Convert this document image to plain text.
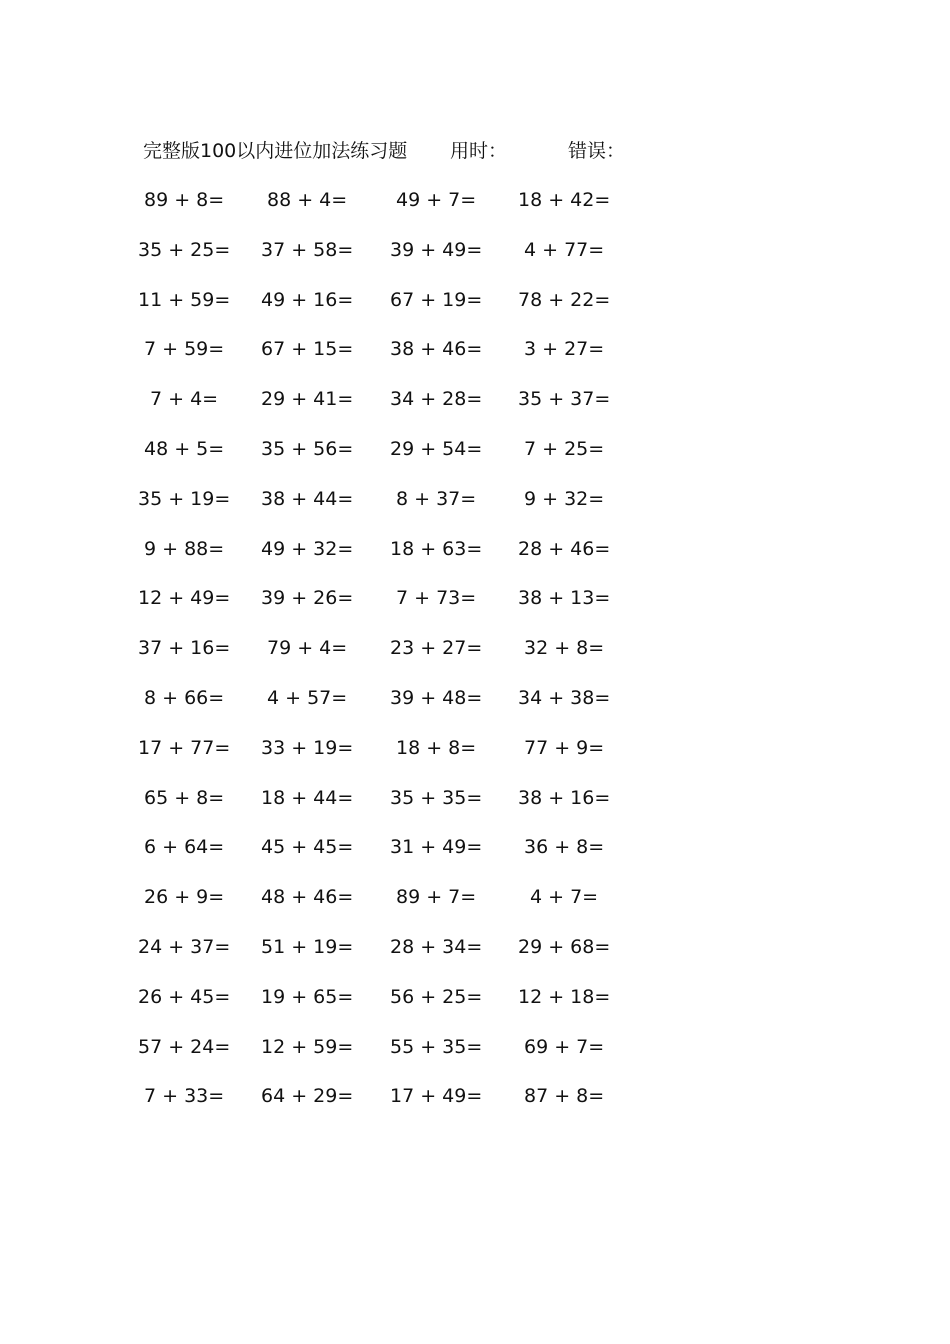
完整版100以内进位加法练习题 用时：	错误：
89 + 8= 88 + 4=	49 + 7= 18 + 42=
35 + 25= 37 + 58= 39 + 49= 4 + 77=
11 + 59= 49 + 16= 67 + 19= 78 + 22=
7 + 59= 67 + 15= 38 + 46= 3 + 27=
7 + 4= 29 + 41= 34 + 28= 35 + 37=
48 + 5= 35 + 56= 29 + 54= 7 + 25=
35 + 19= 38 + 44= 8 + 37=	9 + 32=
9 + 88= 49 + 32= 18 + 63= 28 + 46=
12 + 49= 39 + 26= 7 + 73= 38 + 13=
37 + 16= 79 + 4= 23 + 27= 32 + 8=
8 + 66= 4 + 57= 39 + 48= 34 + 38=
17 + 77= 33 + 19= 18 + 8=	77 + 9=
65 + 8= 18 + 44= 35 + 35= 38 + 16=
6 + 64= 45 + 45= 31 + 49= 36 + 8=
26 + 9= 48 + 46= 89 + 7=	4 + 7=
24 + 37= 51 + 19= 28 + 34= 29 + 68=
26 + 45= 19 + 65= 56 + 25= 12 + 18=
57 + 24= 12 + 59= 55 + 35= 69 + 7=
7 + 33= 64 + 29= 17 + 49= 87 + 8=
